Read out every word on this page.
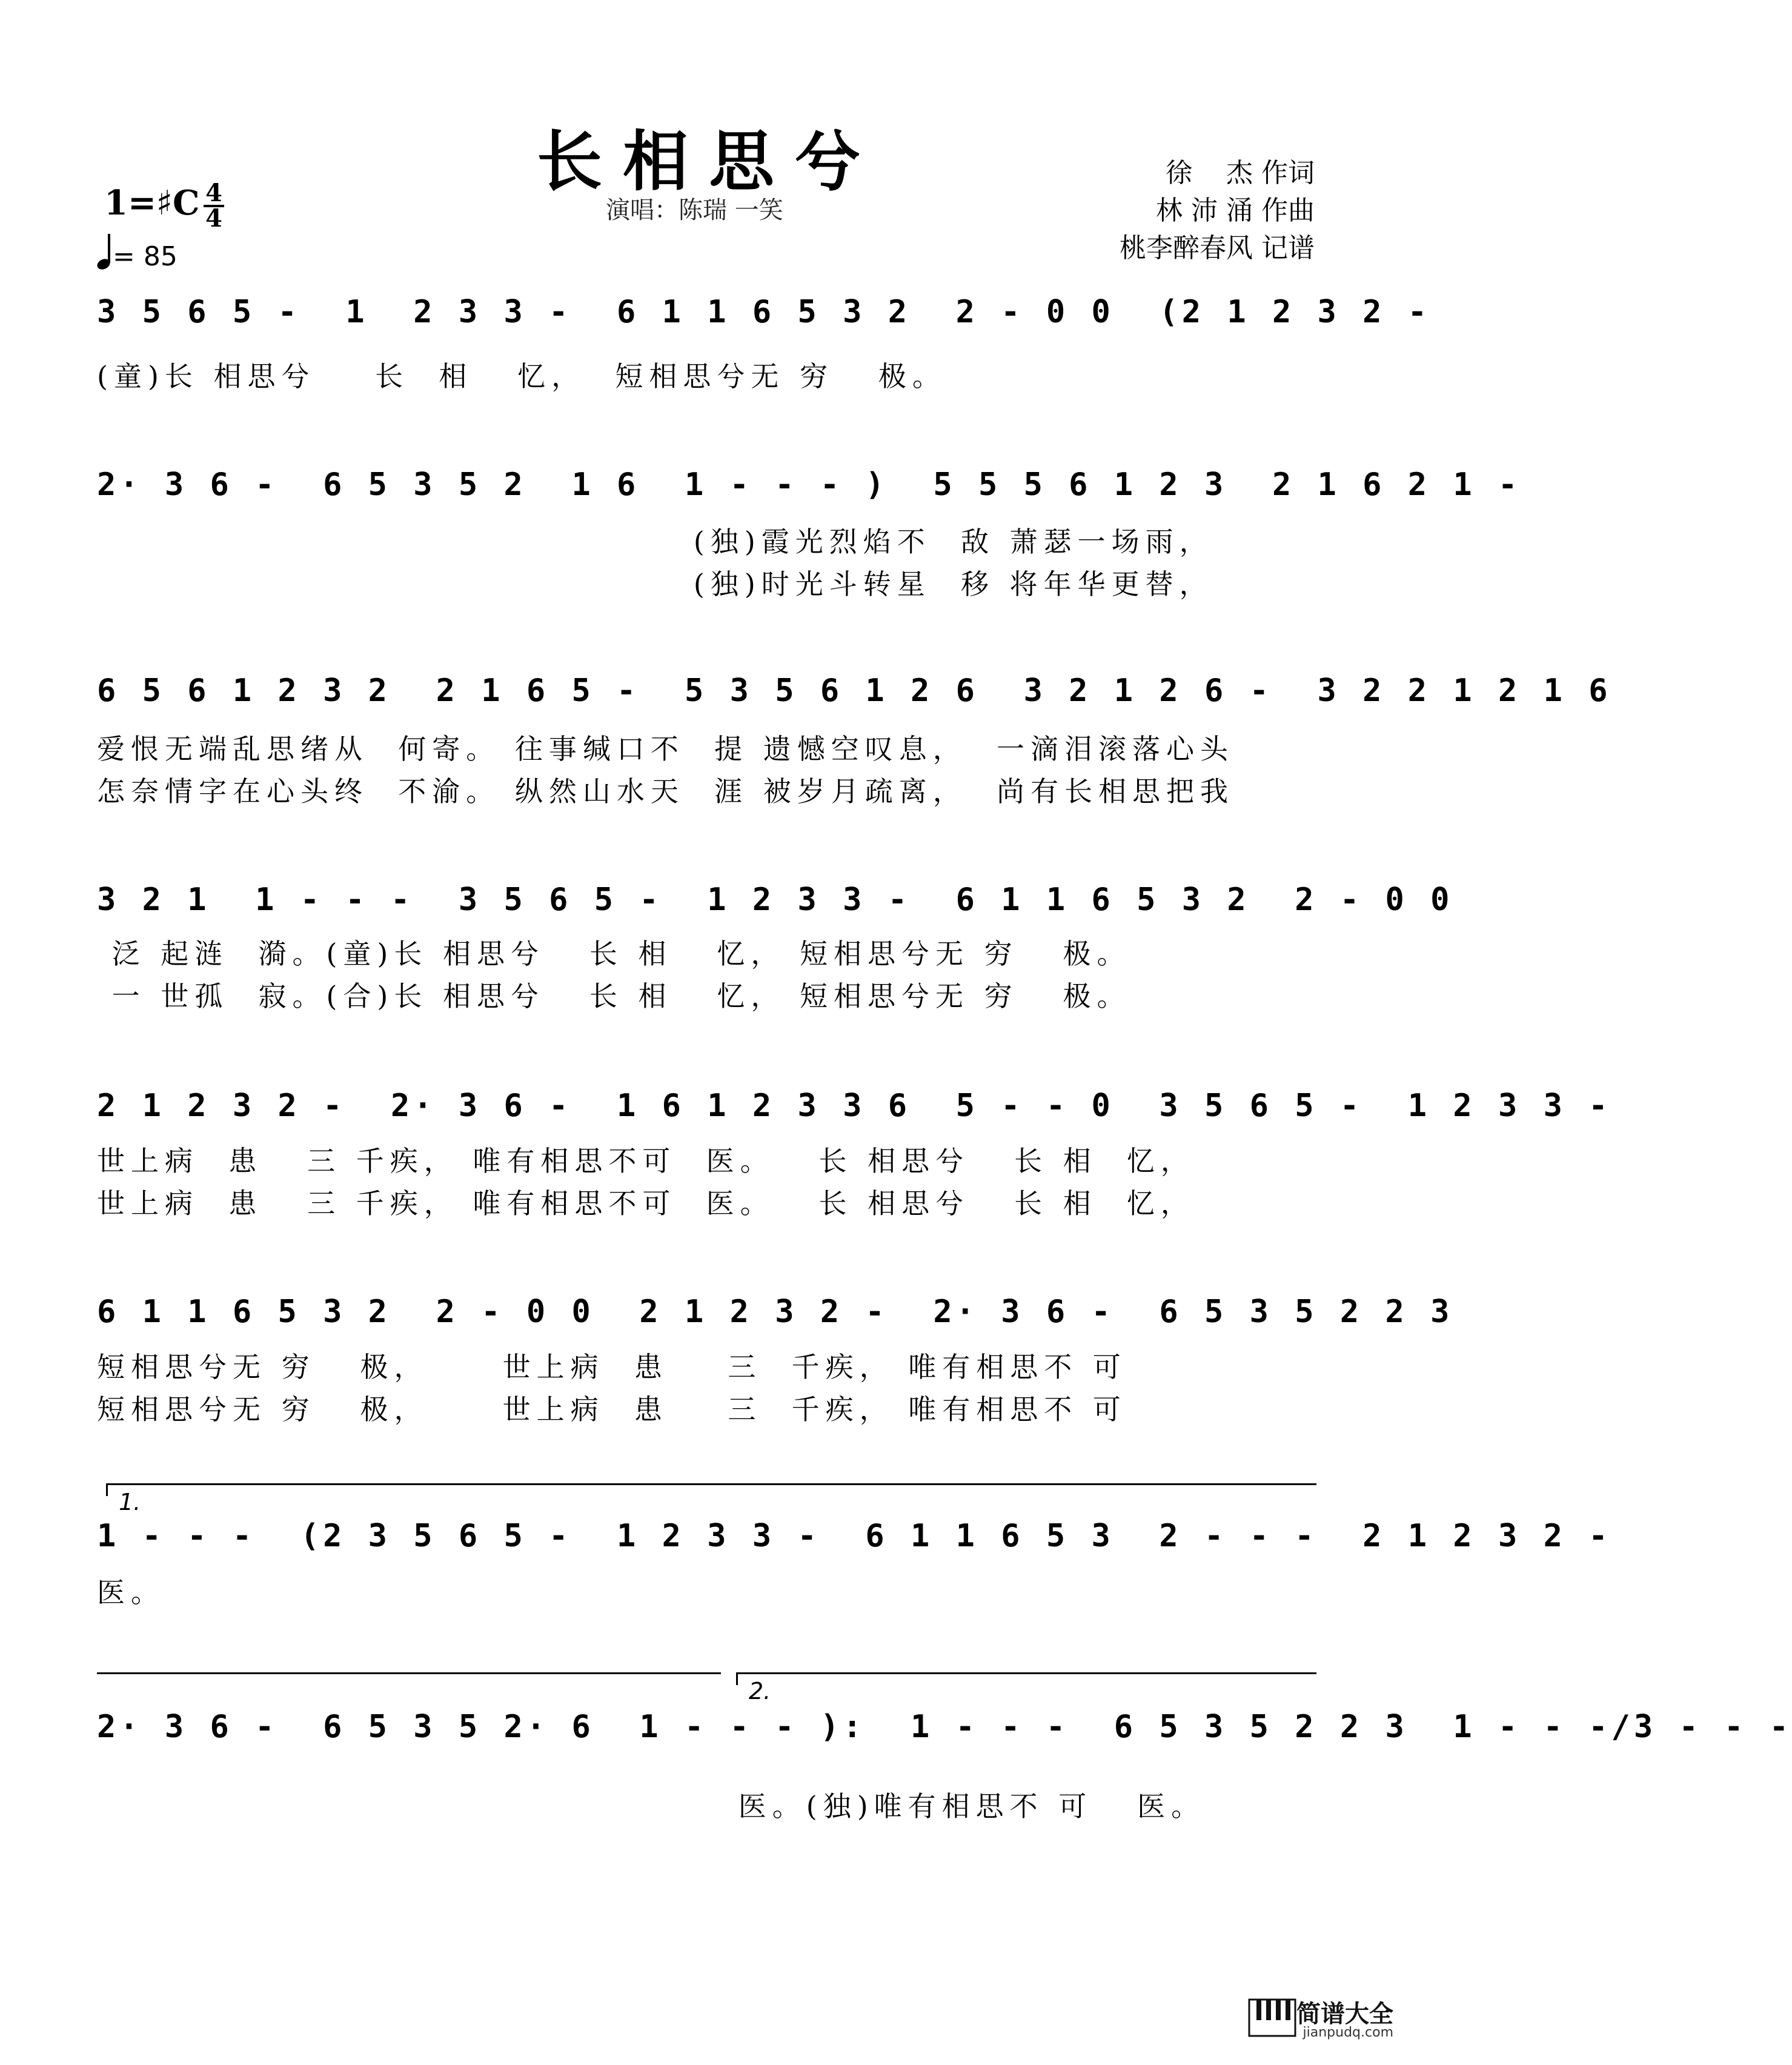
长相思兮
1=♯C 4
4
= 85
演唱：陈瑞 一笑
徐    杰 作词
林 沛 涌 作曲
桃李醉春风 记谱
3 5 6 5 -  1  2 3 3 -  6 1 1 6 5 3 2  2 - 0 0  (2 1 2 3 2 -
(童)长 相思兮    长  相   忆，  短相思兮无 穷   极。
2· 3 6 -  6 5 3 5 2  1 6  1 - - - )  5 5 5 6 1 2 3  2 1 6 2 1 -
(独)霞光烈焰不  敌 萧瑟一场雨，
(独)时光斗转星  移 将年华更替，
6 5 6 1 2 3 2  2 1 6 5 -  5 3 5 6 1 2 6  3 2 1 2 6 -  3 2 2 1 2 1 6
爱恨无端乱思绪从  何寄。 往事缄口不  提 遗憾空叹息，  一滴泪滚落心头
怎奈情字在心头终  不渝。 纵然山水天  涯 被岁月疏离，  尚有长相思把我
3 2 1  1 - - -  3 5 6 5 -  1 2 3 3 -  6 1 1 6 5 3 2  2 - 0 0
泛 起涟  漪。(童)长 相思兮   长 相   忆， 短相思兮无 穷   极。
一 世孤  寂。(合)长 相思兮   长 相   忆， 短相思兮无 穷   极。
2 1 2 3 2 -  2· 3 6 -  1 6 1 2 3 3 6  5 - - 0  3 5 6 5 -  1 2 3 3 -
世上病  患   三 千疾， 唯有相思不可  医。   长 相思兮   长 相  忆，
世上病  患   三 千疾， 唯有相思不可  医。   长 相思兮   长 相  忆，
6 1 1 6 5 3 2  2 - 0 0  2 1 2 3 2 -  2· 3 6 -  6 5 3 5 2 2 3
短相思兮无 穷   极，     世上病  患    三  千疾， 唯有相思不 可
短相思兮无 穷   极，     世上病  患    三  千疾， 唯有相思不 可
1.
1 - - -  (2 3 5 6 5 -  1 2 3 3 -  6 1 1 6 5 3  2 - - -  2 1 2 3 2 -
医。
2.
2· 3 6 -  6 5 3 5 2· 6  1 - - - ):  1 - - -  6 5 3 5 2 2 3  1 - - -/3 - - -
医。(独)唯有相思不 可   医。
简谱大全
jianpudq.com
